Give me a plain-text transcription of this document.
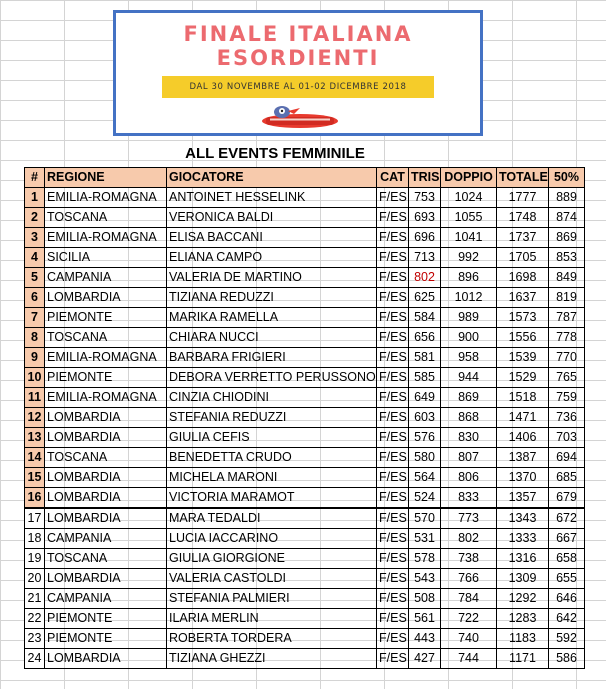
FINALE ITALIANA
ESORDIENTI
DAL 30 NOVEMBRE AL 01-02 DICEMBRE 2018
ALL EVENTS FEMMINILE
#	REGIONE	GIOCATORE	CAT	TRIS	DOPPIO	TOTALE	50%
1	EMILIA-ROMAGNA	ANTOINET HESSELINK	F/ES	753	1024	1777	889
2	TOSCANA	VERONICA BALDI	F/ES	693	1055	1748	874
3	EMILIA-ROMAGNA	ELISA BACCANI	F/ES	696	1041	1737	869
4	SICILIA	ELIANA CAMPO	F/ES	713	992	1705	853
5	CAMPANIA	VALERIA DE MARTINO	F/ES	802	896	1698	849
6	LOMBARDIA	TIZIANA REDUZZI	F/ES	625	1012	1637	819
7	PIEMONTE	MARIKA RAMELLA	F/ES	584	989	1573	787
8	TOSCANA	CHIARA NUCCI	F/ES	656	900	1556	778
9	EMILIA-ROMAGNA	BARBARA FRIGIERI	F/ES	581	958	1539	770
10	PIEMONTE	DEBORA VERRETTO PERUSSONO	F/ES	585	944	1529	765
11	EMILIA-ROMAGNA	CINZIA CHIODINI	F/ES	649	869	1518	759
12	LOMBARDIA	STEFANIA REDUZZI	F/ES	603	868	1471	736
13	LOMBARDIA	GIULIA CEFIS	F/ES	576	830	1406	703
14	TOSCANA	BENEDETTA CRUDO	F/ES	580	807	1387	694
15	LOMBARDIA	MICHELA MARONI	F/ES	564	806	1370	685
16	LOMBARDIA	VICTORIA MARAMOT	F/ES	524	833	1357	679
17	LOMBARDIA	MARA TEDALDI	F/ES	570	773	1343	672
18	CAMPANIA	LUCIA IACCARINO	F/ES	531	802	1333	667
19	TOSCANA	GIULIA GIORGIONE	F/ES	578	738	1316	658
20	LOMBARDIA	VALERIA CASTOLDI	F/ES	543	766	1309	655
21	CAMPANIA	STEFANIA PALMIERI	F/ES	508	784	1292	646
22	PIEMONTE	ILARIA MERLIN	F/ES	561	722	1283	642
23	PIEMONTE	ROBERTA TORDERA	F/ES	443	740	1183	592
24	LOMBARDIA	TIZIANA GHEZZI	F/ES	427	744	1171	586
